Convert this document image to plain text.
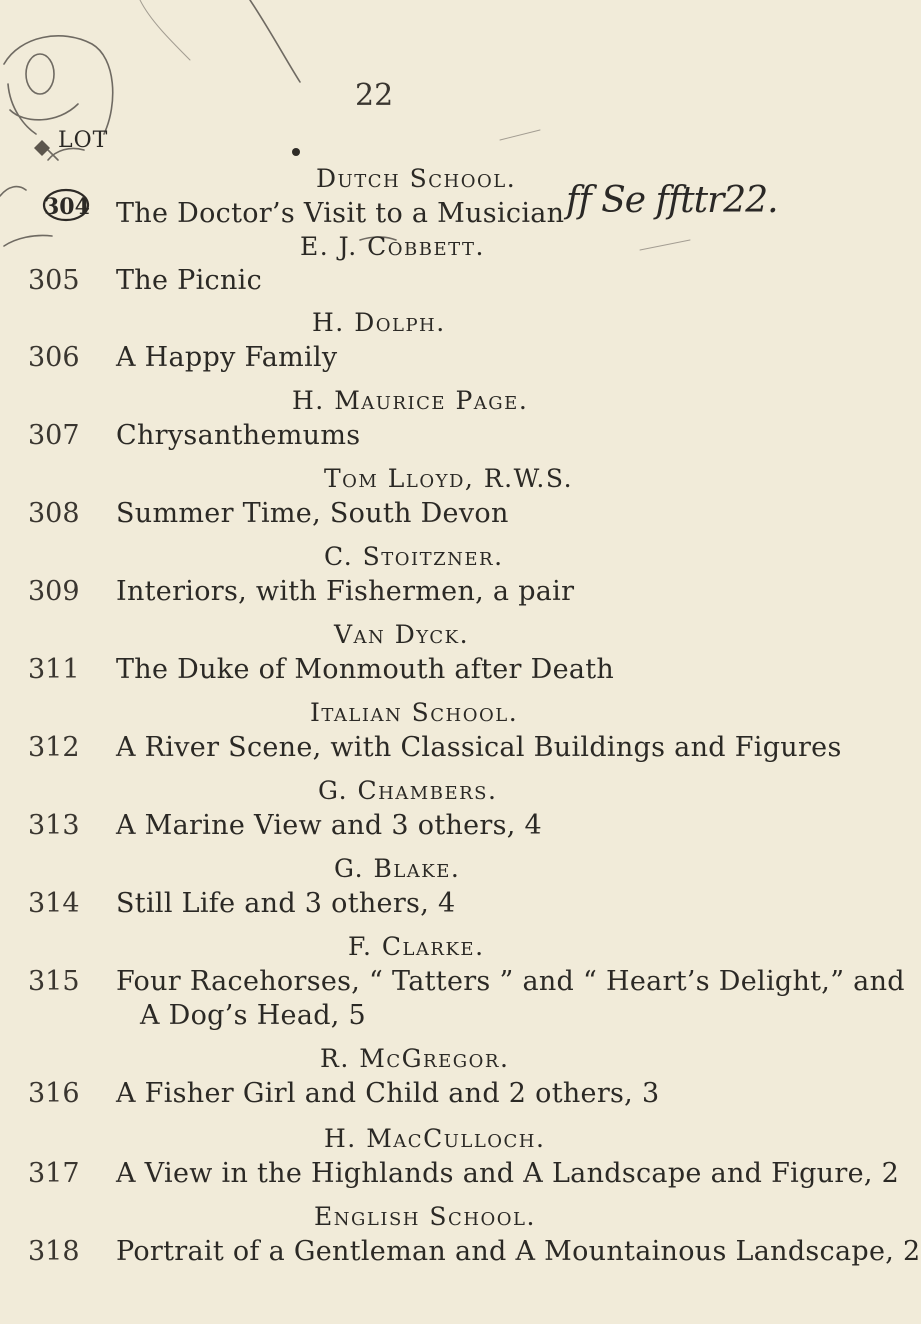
22
LOT
304	ff Se ffttr22.
Dutch School.
The Doctor’s Visit to a Musician
E. J. Cobbett.
305 The Picnic
H. Dolph.
306 A Happy Family
H. Maurice Page.
307 Chrysanthemums
Tom Lloyd, R.W.S.
308 Summer Time, South Devon
C. Stoitzner.
309 Interiors, with Fishermen, a pair
Van Dyck.
311 The Duke of Monmouth after Death
Italian School.
312 A River Scene, with Classical Buildings and Figures
G. Chambers.
313 A Marine View and 3 others, 4
G. Blake.
314 Still Life and 3 others, 4
F. Clarke.
315 Four Racehorses, “ Tatters ” and “ Heart’s Delight,” and
A Dog’s Head, 5
R. McGregor.
316 A Fisher Girl and Child and 2 others, 3
H. MacCulloch.
317 A View in the Highlands and A Landscape and Figure, 2
English School.
318 Portrait of a Gentleman and A Mountainous Landscape, 2
